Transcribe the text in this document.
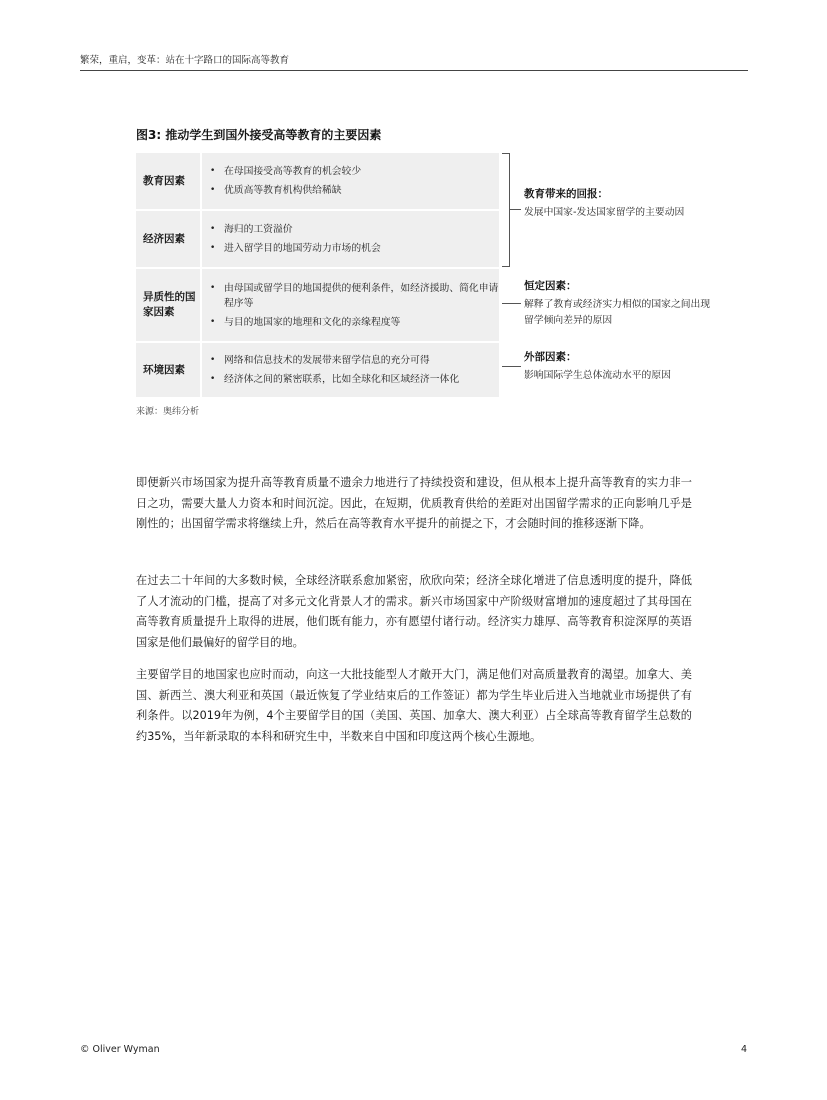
繁荣，重启，变革：站在十字路口的国际高等教育
图3: 推动学生到国外接受高等教育的主要因素
教育因素
• 在母国接受高等教育的机会较少
• 优质高等教育机构供给稀缺
经济因素
• 海归的工资溢价
• 进入留学目的地国劳动力市场的机会
异质性的国家因素
• 由母国或留学目的地国提供的便利条件，如经济援助、简化申请程序等
• 与目的地国家的地理和文化的亲缘程度等
环境因素
• 网络和信息技术的发展带来留学信息的充分可得
• 经济体之间的紧密联系，比如全球化和区域经济一体化
教育带来的回报：
发展中国家-发达国家留学的主要动因
恒定因素：
解释了教育或经济实力相似的国家之间出现留学倾向差异的原因
外部因素：
影响国际学生总体流动水平的原因
来源：奥纬分析
即便新兴市场国家为提升高等教育质量不遗余力地进行了持续投资和建设，但从根本上提升高等教育的实力非一日之功，需要大量人力资本和时间沉淀。因此，在短期，优质教育供给的差距对出国留学需求的正向影响几乎是刚性的；出国留学需求将继续上升，然后在高等教育水平提升的前提之下，才会随时间的推移逐渐下降。
在过去二十年间的大多数时候，全球经济联系愈加紧密，欣欣向荣；经济全球化增进了信息透明度的提升，降低了人才流动的门槛，提高了对多元文化背景人才的需求。新兴市场国家中产阶级财富增加的速度超过了其母国在高等教育质量提升上取得的进展，他们既有能力，亦有愿望付诸行动。经济实力雄厚、高等教育积淀深厚的英语国家是他们最偏好的留学目的地。
主要留学目的地国家也应时而动，向这一大批技能型人才敞开大门，满足他们对高质量教育的渴望。加拿大、美国、新西兰、澳大利亚和英国（最近恢复了学业结束后的工作签证）都为学生毕业后进入当地就业市场提供了有利条件。以2019年为例，4个主要留学目的国（美国、英国、加拿大、澳大利亚）占全球高等教育留学生总数的约35%，当年新录取的本科和研究生中，半数来自中国和印度这两个核心生源地。
© Oliver Wyman	4
